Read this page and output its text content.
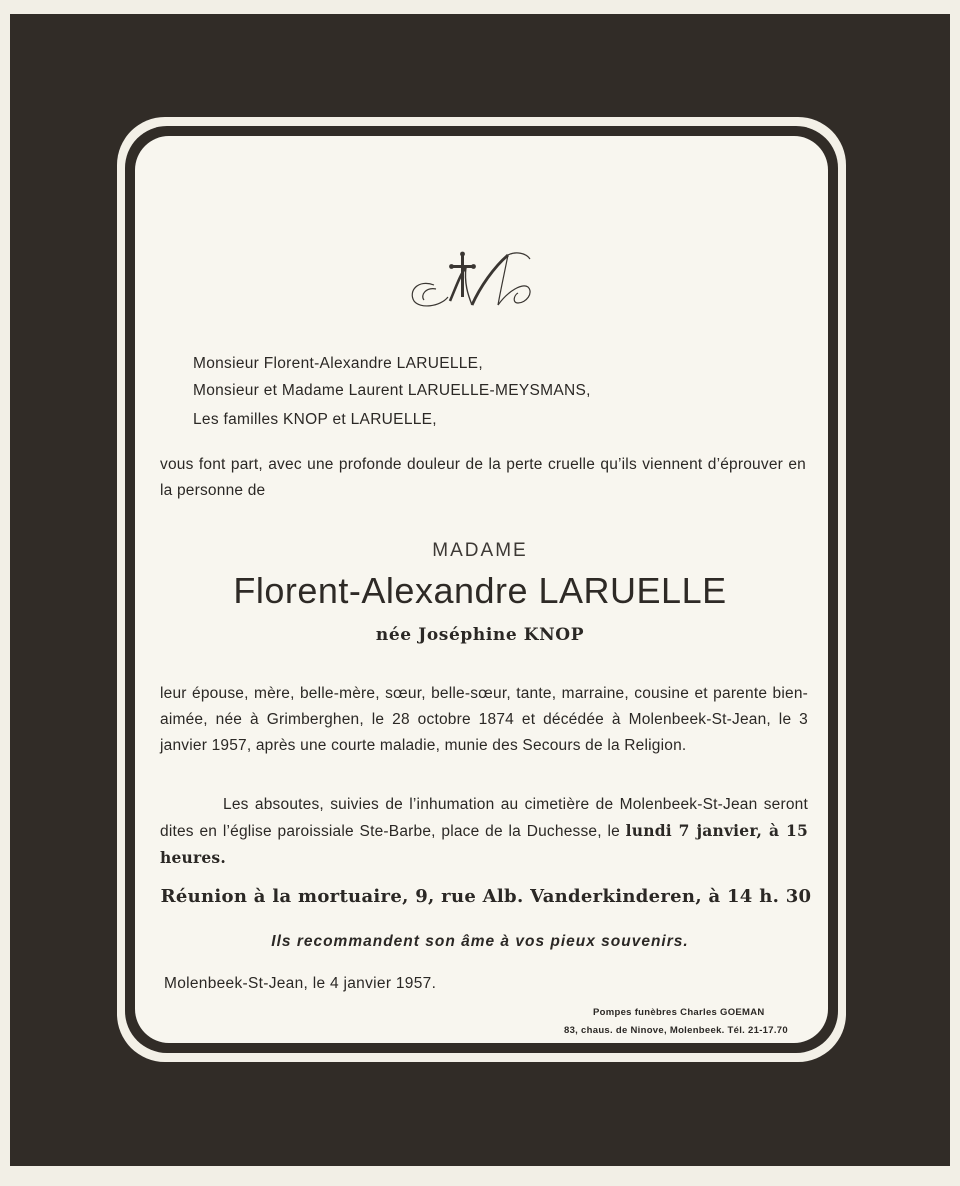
Monsieur Florent-Alexandre LARUELLE,
Monsieur et Madame Laurent LARUELLE-MEYSMANS,
Les familles KNOP et LARUELLE,
vous font part, avec une profonde douleur de la perte cruelle qu’ils viennent d’éprouver en la personne de
MADAME
Florent-Alexandre LARUELLE
née Joséphine KNOP
leur épouse, mère, belle-mère, sœur, belle-sœur, tante, marraine, cousine et parente bien-aimée, née à Grimberghen, le 28 octobre 1874 et décédée à Molenbeek-St-Jean, le 3 janvier 1957, après une courte maladie, munie des Secours de la Religion.
Les absoutes, suivies de l’inhumation au cimetière de Molenbeek-St-Jean seront dites en l’église paroissiale Ste-Barbe, place de la Duchesse, le lundi 7 janvier, à 15 heures.
Réunion à la mortuaire, 9, rue Alb. Vanderkinderen, à 14 h. 30
Ils recommandent son âme à vos pieux souvenirs.
Molenbeek-St-Jean, le 4 janvier 1957.
Pompes funèbres Charles GOEMAN
83, chaus. de Ninove, Molenbeek. Tél. 21-17.70
